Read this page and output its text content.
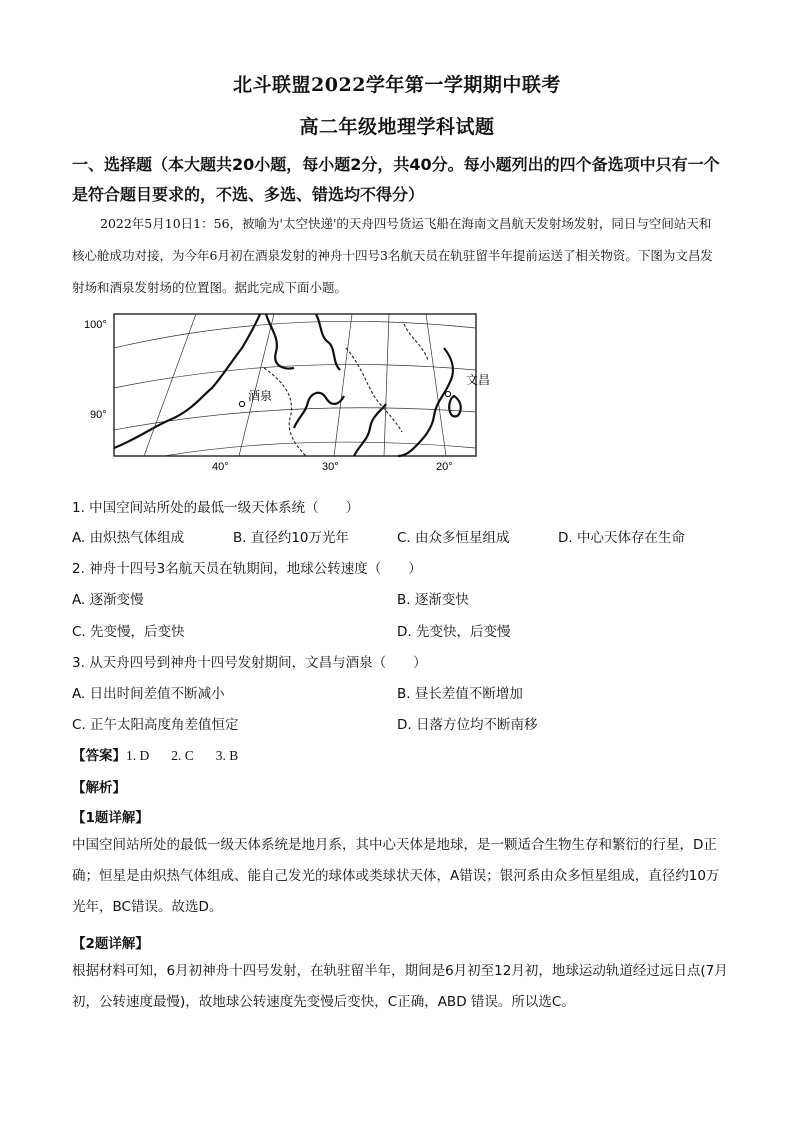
北斗联盟2022学年第一学期期中联考
高二年级地理学科试题
一、选择题（本大题共20小题，每小题2分，共40分。每小题列出的四个备选项中只有一个是符合题目要求的，不选、多选、错选均不得分）
2022年5月10日1：56，被喻为'太空快递'的天舟四号货运飞船在海南文昌航天发射场发射，同日与空间站天和核心舱成功对接，为今年6月初在酒泉发射的神舟十四号3名航天员在轨驻留半年提前运送了相关物资。下图为文昌发射场和酒泉发射场的位置图。据此完成下面小题。
100°
90°
40°	30°	20°
酒泉
文昌
1. 中国空间站所处的最低一级天体系统（　　）
A. 由炽热气体组成	B. 直径约10万光年	C. 由众多恒星组成	D. 中心天体存在生命
2. 神舟十四号3名航天员在轨期间，地球公转速度（　　）
A. 逐渐变慢	B. 逐渐变快
C. 先变慢，后变快	D. 先变快，后变慢
3. 从天舟四号到神舟十四号发射期间，文昌与酒泉（　　）
A. 日出时间差值不断减小	B. 昼长差值不断增加
C. 正午太阳高度角差值恒定	D. 日落方位均不断南移
【答案】1. D 2. C 3. B
【解析】
【1题详解】
中国空间站所处的最低一级天体系统是地月系，其中心天体是地球，是一颗适合生物生存和繁衍的行星，D正确；恒星是由炽热气体组成、能自己发光的球体或类球状天体，A错误；银河系由众多恒星组成，直径约10万光年，BC错误。故选D。
【2题详解】
根据材料可知，6月初神舟十四号发射，在轨驻留半年，期间是6月初至12月初，地球运动轨道经过远日点(7月初，公转速度最慢)，故地球公转速度先变慢后变快，C正确，ABD 错误。所以选C。
